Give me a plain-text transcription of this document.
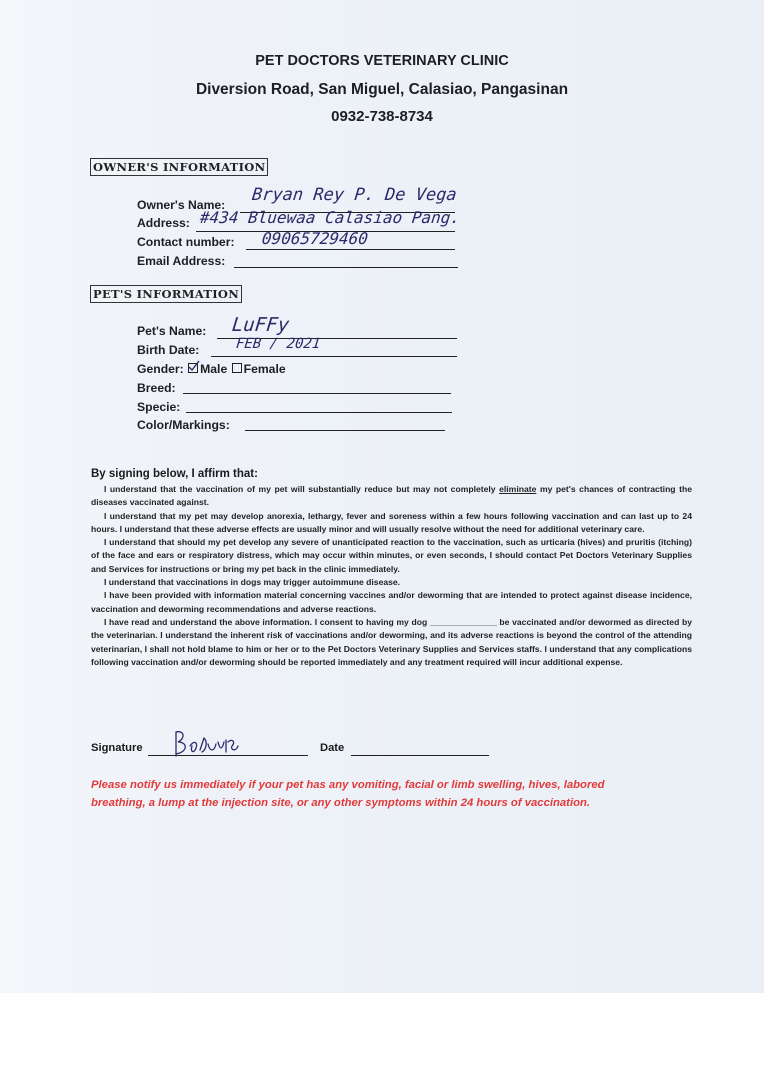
PET DOCTORS VETERINARY CLINIC
Diversion Road, San Miguel, Calasiao, Pangasinan
0932-738-8734
OWNER'S INFORMATION
Owner's Name: Bryan Rey P. De Vega
Address: #434 Bluewaa Calasiao Pang.
Contact number: 09065729460
Email Address:
PET'S INFORMATION
Pet's Name: LuFFy
Birth Date:	FEB / 2021
Gender: Male Female
Breed:
Specie:
Color/Markings:
By signing below, I affirm that:

I understand that the vaccination of my pet will substantially reduce but may not completely eliminate my pet's chances of contracting the diseases vaccinated against.

I understand that my pet may develop anorexia, lethargy, fever and soreness within a few hours following vaccination and can last up to 24 hours. I understand that these adverse effects are usually minor and will usually resolve without the need for additional veterinary care.

I understand that should my pet develop any severe of unanticipated reaction to the vaccination, such as urticaria (hives) and pruritis (itching) of the face and ears or respiratory distress, which may occur within minutes, or even seconds, I should contact Pet Doctors Veterinary Supplies and Services for instructions or bring my pet back in the clinic immediately.

I understand that vaccinations in dogs may trigger autoimmune disease.

I have been provided with information material concerning vaccines and/or deworming that are intended to protect against disease incidence, vaccination and deworming recommendations and adverse reactions.

I have read and understand the above information. I consent to having my dog ______________ be vaccinated and/or dewormed as directed by the veterinarian. I understand the inherent risk of vaccinations and/or deworming, and its adverse reactions is beyond the control of the attending veterinarian, I shall not hold blame to him or her or to the Pet Doctors Veterinary Supplies and Services staffs. I understand that any complications following vaccination and/or deworming should be reported immediately and any treatment required will incur additional expense.

Signature	Date
Please notify us immediately if your pet has any vomiting, facial or limb swelling, hives, labored breathing, a lump at the injection site, or any other symptoms within 24 hours of vaccination.
